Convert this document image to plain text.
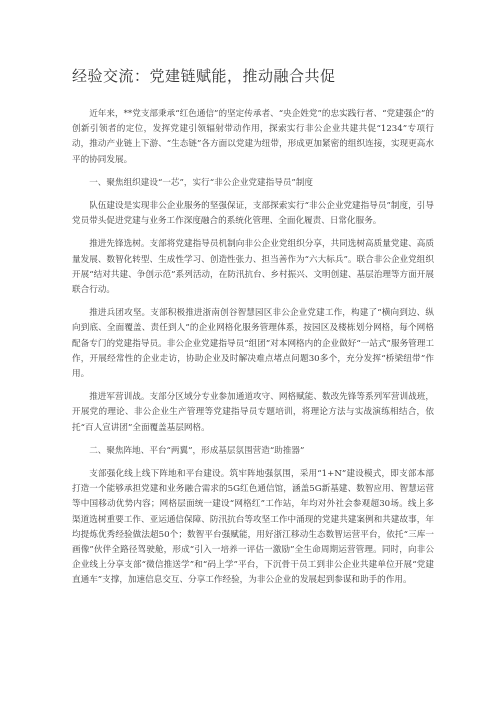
经验交流：党建链赋能，推动融合共促

近年来，**党支部秉承“红色通信”的坚定传承者、“央企姓党”的忠实践行者、“党建强企”的创新引领者的定位，发挥党建引领辐射带动作用，探索实行非公企业共建共促“1234”专项行动，推动产业链上下游、“生态链”各方面以党建为纽带，形成更加紧密的组织连接，实现更高水平的协同发展。

一、聚焦组织建设“一芯”，实行“非公企业党建指导员”制度

队伍建设是实现非公企业服务的坚强保证，支部探索实行“非公企业党建指导员”制度，引导党员带头促进党建与业务工作深度融合的系统化管理、全面化履责、日常化服务。

推进先锋选树。支部将党建指导员机制向非公企业党组织分享，共同选树高质量党建、高质量发展、数智化转型、生成性学习、创造性张力、担当善作为“六大标兵”。联合非公企业党组织开展“结对共建、争创示范”系列活动，在防汛抗台、乡村振兴、文明创建、基层治理等方面开展联合行动。

推进兵团攻坚。支部积极推进浙南创谷智慧园区非公企业党建工作，构建了“横向到边、纵向到底、全面覆盖、责任到人”的企业网格化服务管理体系，按园区及楼栋划分网格，每个网格配备专门的党建指导员。非公企业党建指导员“组团”对本网格内的企业做好“一站式”服务管理工作，开展经常性的企业走访，协助企业及时解决难点堵点问题30多个，充分发挥“桥梁纽带”作用。

推进军营训战。支部分区域分专业参加通道攻守、网格赋能、数改先锋等系列军营训战班，开展党的理论、非公企业生产管理等党建指导员专题培训，将理论方法与实战演练相结合，依托“百人宣讲团”全面覆盖基层网格。

二、聚焦阵地、平台“两翼”，形成基层氛围营造“助推器”

支部强化线上线下阵地和平台建设。筑牢阵地强氛围，采用“1+N”建设模式，即支部本部打造一个能够承担党建和业务融合需求的5G红色通信馆，涵盖5G新基建、数智应用、智慧运营等中国移动优势内容；网格层面统一建设“网格红”工作站，年均对外社会参观超30场。线上多渠道选树重要工作、亚运通信保障、防汛抗台等攻坚工作中涌现的党建共建案例和共建故事，年均提炼优秀经验做法超50个；数智平台强赋能，用好浙江移动生态数智运营平台，依托“三库一画像”伙伴全路径驾驶舱，形成“引入一培养一评估一激励”全生命周期运营管理。同时，向非公企业线上分享支部“微信推送学”和“码上学”平台，下沉骨干员工到非公企业共建单位开展“党建直通车”支撑，加速信息交互、分享工作经验，为非公企业的发展起到参谋和助手的作用。
